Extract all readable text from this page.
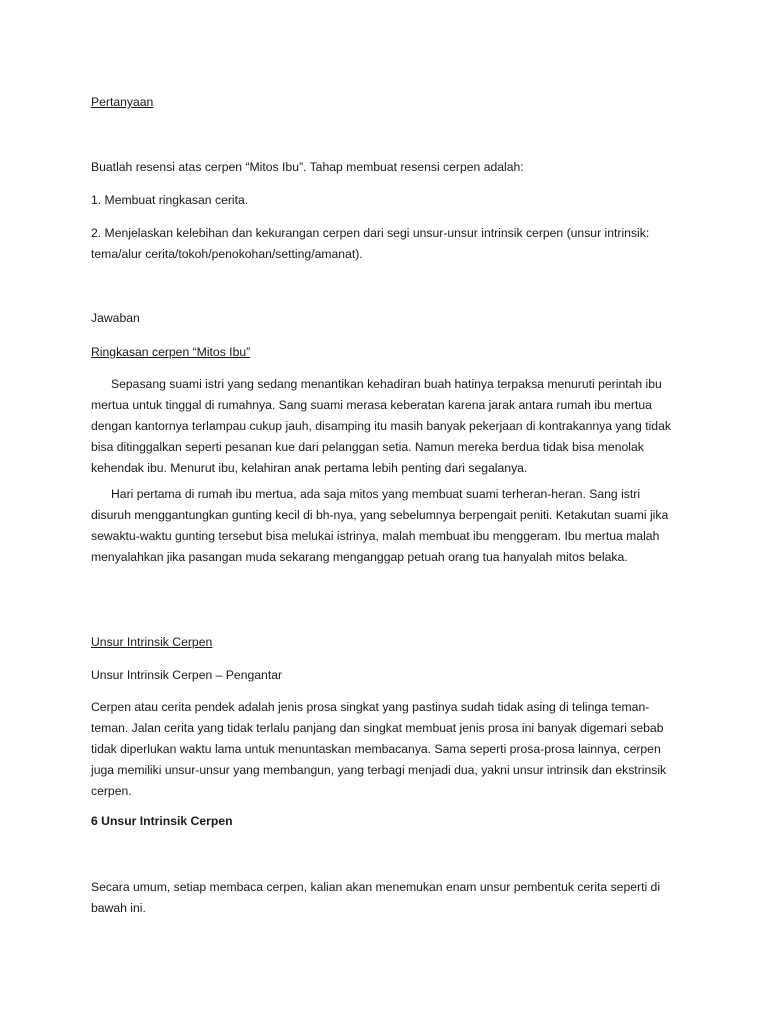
Pertanyaan

Buatlah resensi atas cerpen “Mitos Ibu”. Tahap membuat resensi cerpen adalah:

1. Membuat ringkasan cerita.

2. Menjelaskan kelebihan dan kekurangan cerpen dari segi unsur-unsur intrinsik cerpen (unsur intrinsik: tema/alur cerita/tokoh/penokohan/setting/amanat).

Jawaban

Ringkasan cerpen “Mitos Ibu”

Sepasang suami istri yang sedang menantikan kehadiran buah hatinya terpaksa menuruti perintah ibu mertua untuk tinggal di rumahnya. Sang suami merasa keberatan karena jarak antara rumah ibu mertua dengan kantornya terlampau cukup jauh, disamping itu masih banyak pekerjaan di kontrakannya yang tidak bisa ditinggalkan seperti pesanan kue dari pelanggan setia. Namun mereka berdua tidak bisa menolak kehendak ibu. Menurut ibu, kelahiran anak pertama lebih penting dari segalanya.

Hari pertama di rumah ibu mertua, ada saja mitos yang membuat suami terheran-heran. Sang istri disuruh menggantungkan gunting kecil di bh-nya, yang sebelumnya berpengait peniti. Ketakutan suami jika sewaktu-waktu gunting tersebut bisa melukai istrinya, malah membuat ibu menggeram. Ibu mertua malah menyalahkan jika pasangan muda sekarang menganggap petuah orang tua hanyalah mitos belaka.

Unsur Intrinsik Cerpen

Unsur Intrinsik Cerpen – Pengantar

Cerpen atau cerita pendek adalah jenis prosa singkat yang pastinya sudah tidak asing di telinga teman-teman. Jalan cerita yang tidak terlalu panjang dan singkat membuat jenis prosa ini banyak digemari sebab tidak diperlukan waktu lama untuk menuntaskan membacanya. Sama seperti prosa-prosa lainnya, cerpen juga memiliki unsur-unsur yang membangun, yang terbagi menjadi dua, yakni unsur intrinsik dan ekstrinsik cerpen.

6 Unsur Intrinsik Cerpen

Secara umum, setiap membaca cerpen, kalian akan menemukan enam unsur pembentuk cerita seperti di bawah ini.
